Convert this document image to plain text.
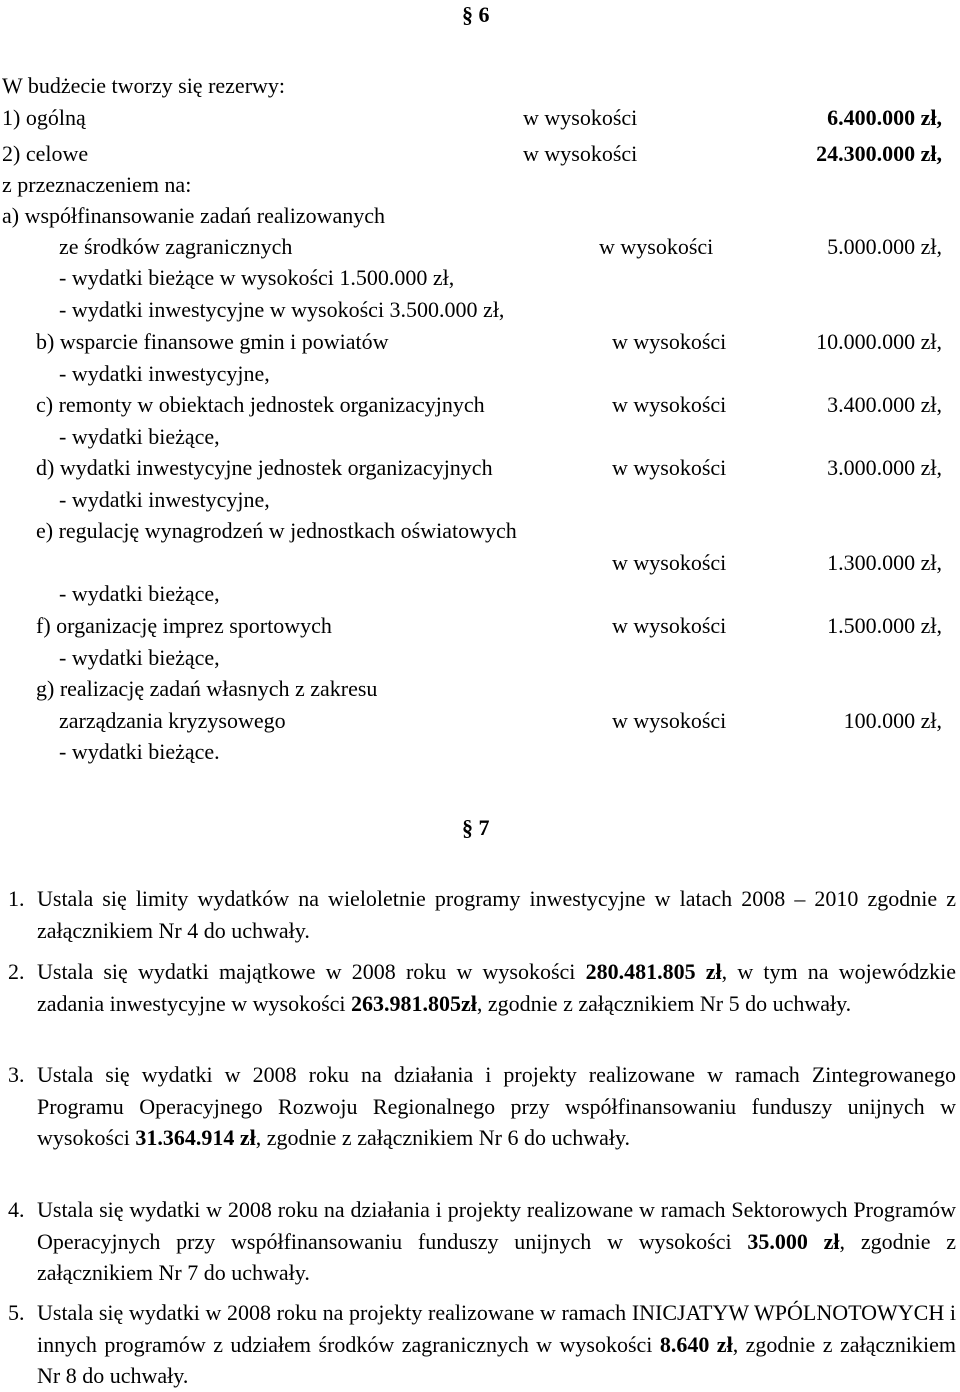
§ 6
W budżecie tworzy się rezerwy:
1) ogólną	w wysokości	6.400.000 zł,
2) celowe	w wysokości	24.300.000 zł,
z przeznaczeniem na:
a) współfinansowanie zadań realizowanych
ze środków zagranicznych	w wysokości	5.000.000 zł,
- wydatki bieżące w wysokości 1.500.000 zł,
- wydatki inwestycyjne w wysokości 3.500.000 zł,
b) wsparcie finansowe gmin i powiatów	w wysokości	10.000.000 zł,
- wydatki inwestycyjne,
c) remonty w obiektach jednostek organizacyjnych	w wysokości	3.400.000 zł,
- wydatki bieżące,
d) wydatki inwestycyjne jednostek organizacyjnych	w wysokości	3.000.000 zł,
- wydatki inwestycyjne,
e) regulację wynagrodzeń w jednostkach oświatowych
w wysokości	1.300.000 zł,
- wydatki bieżące,
f) organizację imprez sportowych	w wysokości	1.500.000 zł,
- wydatki bieżące,
g) realizację zadań własnych z zakresu
zarządzania kryzysowego	w wysokości	100.000 zł,
- wydatki bieżące.
§ 7
1. Ustala się limity wydatków na wieloletnie programy inwestycyjne w latach 2008 – 2010 zgodnie z załącznikiem Nr 4 do uchwały.
2. Ustala się wydatki majątkowe w 2008 roku w wysokości 280.481.805 zł, w tym na wojewódzkie zadania inwestycyjne w wysokości 263.981.805zł, zgodnie z załącznikiem Nr 5 do uchwały.
3. Ustala się wydatki w 2008 roku na działania i projekty realizowane w ramach Zintegrowanego Programu Operacyjnego Rozwoju Regionalnego przy współfinansowaniu funduszy unijnych w wysokości 31.364.914 zł, zgodnie z załącznikiem Nr 6 do uchwały.
4. Ustala się wydatki w 2008 roku na działania i projekty realizowane w ramach Sektorowych Programów Operacyjnych przy współfinansowaniu funduszy unijnych w wysokości 35.000 zł, zgodnie z załącznikiem Nr 7 do uchwały.
5. Ustala się wydatki w 2008 roku na projekty realizowane w ramach INICJATYW WPÓLNOTOWYCH i innych programów z udziałem środków zagranicznych w wysokości 8.640 zł, zgodnie z załącznikiem Nr 8 do uchwały.
